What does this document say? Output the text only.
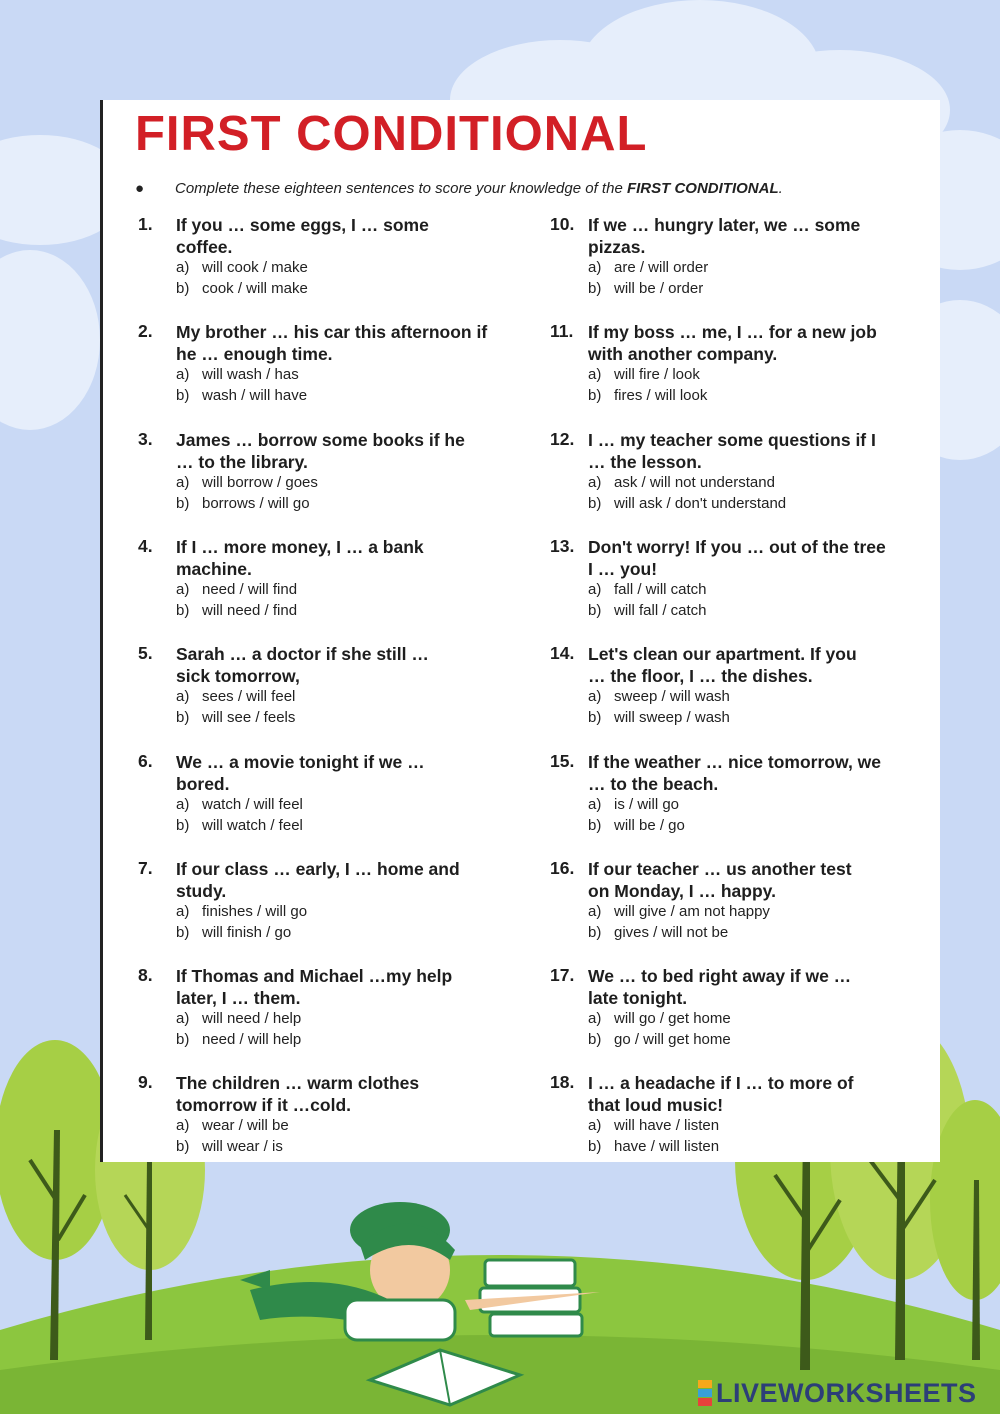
FIRST CONDITIONAL
● Complete these eighteen sentences to score your knowledge of the FIRST CONDITIONAL.
1. If you … some eggs, I … some
coffee.
a) will cook / make
b) cook / will make
2. My brother … his car this afternoon if
he … enough time.
a) will wash / has
b) wash / will have
3. James … borrow some books if he
… to the library.
a) will borrow / goes
b) borrows / will go
4. If I … more money, I … a bank
machine.
a) need / will find
b) will need / find
5. Sarah … a doctor if she still …
sick tomorrow,
a) sees / will feel
b) will see / feels
6. We … a movie tonight if we …
bored.
a) watch / will feel
b) will watch / feel
7. If our class … early, I … home and
study.
a) finishes / will go
b) will finish / go
8. If Thomas and Michael …my help
later, I … them.
a) will need / help
b) need / will help
9. The children … warm clothes
tomorrow if it …cold.
a) wear / will be
b) will wear / is
10. If we … hungry later, we … some
pizzas.
a) are / will order
b) will be / order
11. If my boss … me, I … for a new job
with another company.
a) will fire / look
b) fires / will look
12. I … my teacher some questions if I
… the lesson.
a) ask / will not understand
b) will ask / don't understand
13. Don't worry! If you … out of the tree
I … you!
a) fall / will catch
b) will fall / catch
14. Let's clean our apartment. If you
… the floor, I … the dishes.
a) sweep / will wash
b) will sweep / wash
15. If the weather … nice tomorrow, we
… to the beach.
a) is / will go
b) will be / go
16. If our teacher … us another test
on Monday, I … happy.
a) will give / am not happy
b) gives / will not be
17. We … to bed right away if we …
late tonight.
a) will go / get home
b) go / will get home
18. I … a headache if I … to more of
that loud music!
a) will have / listen
b) have / will listen
LIVEWORKSHEETS
